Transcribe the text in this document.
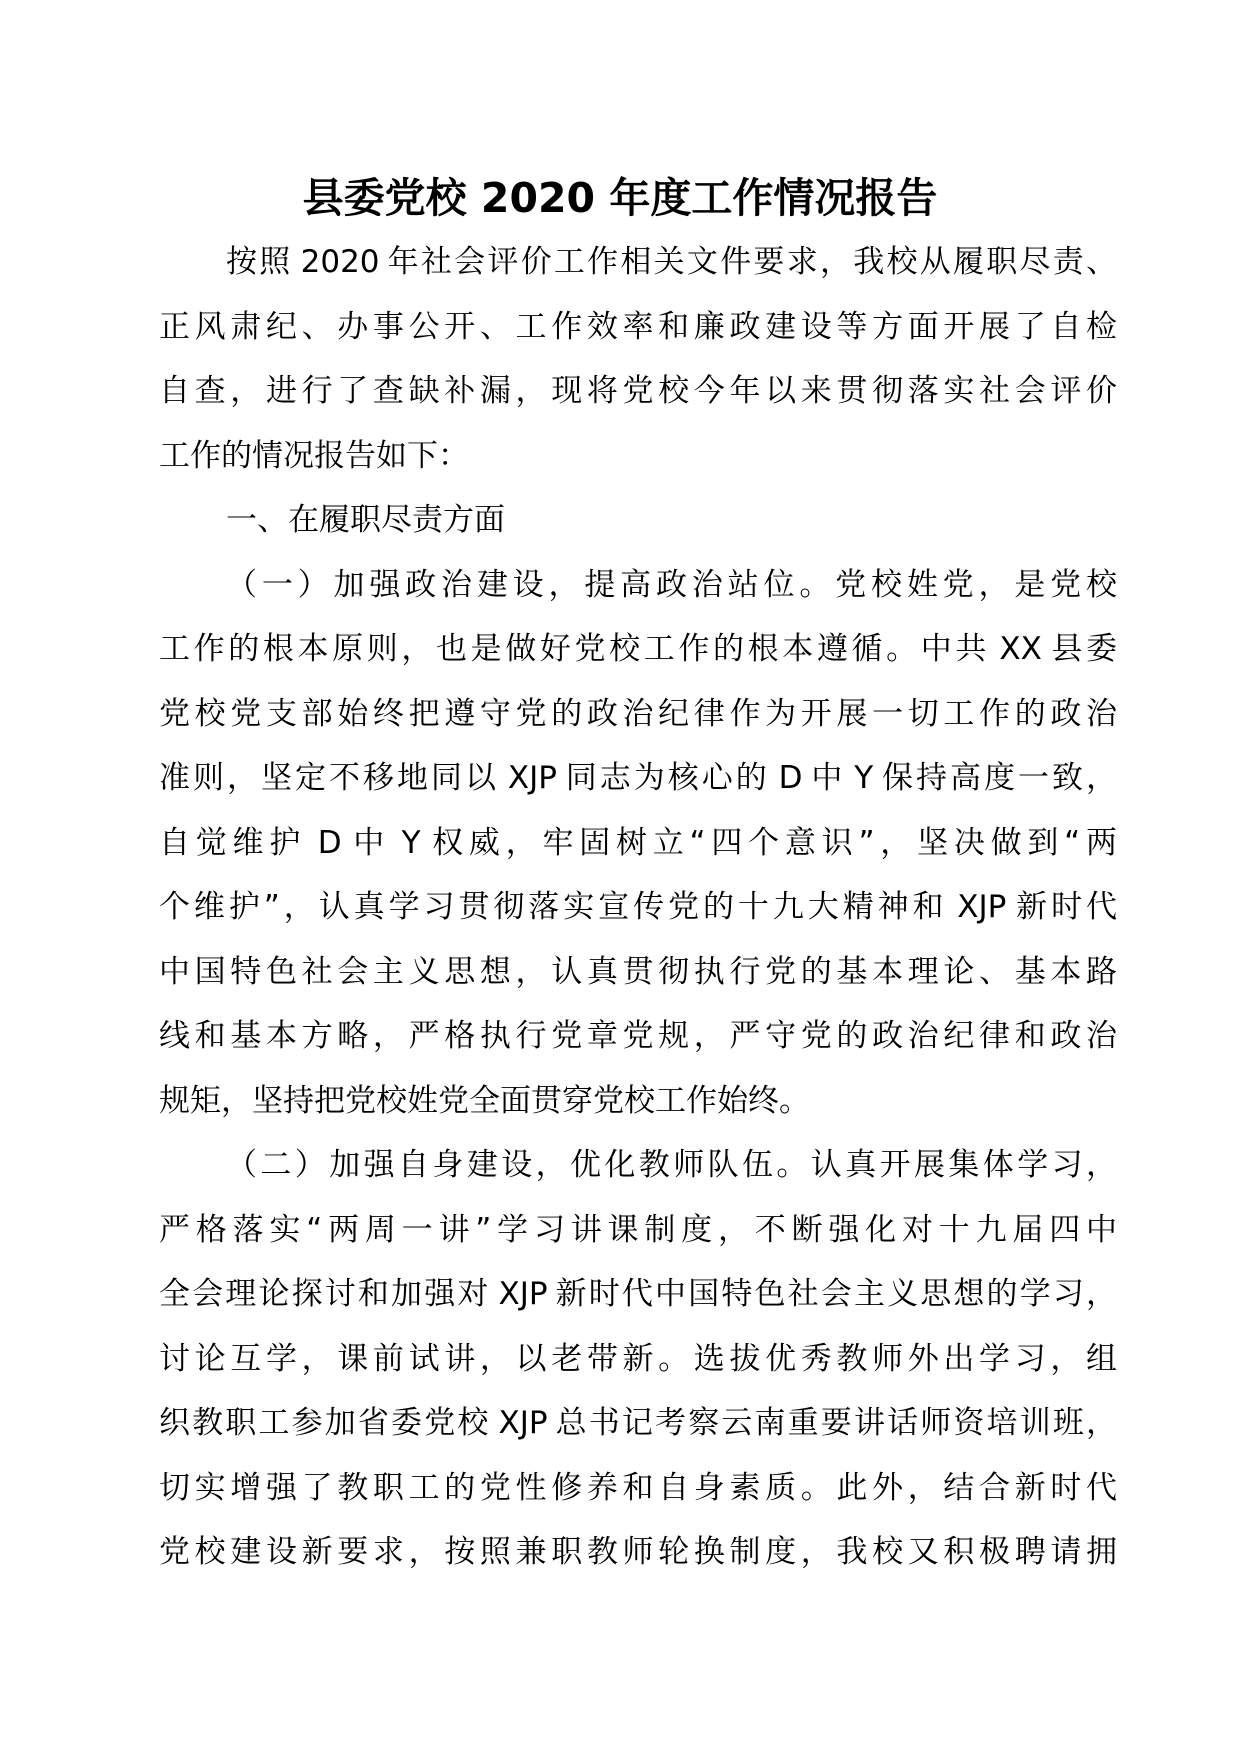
县委党校 2020 年度工作情况报告
按照 2020 年社会评价工作相关文件要求，我校从履职尽责、
正风肃纪、办事公开、工作效率和廉政建设等方面开展了自检
自查，进行了查缺补漏，现将党校今年以来贯彻落实社会评价
工作的情况报告如下：
一、在履职尽责方面
（一）加强政治建设，提高政治站位。党校姓党，是党校
工作的根本原则，也是做好党校工作的根本遵循。中共 XX 县委
党校党支部始终把遵守党的政治纪律作为开展一切工作的政治
准则，坚定不移地同以 XJP 同志为核心的 D 中 Y 保持高度一致，
自觉维护 D 中 Y 权威，牢固树立“四个意识”，坚决做到“两
个维护”，认真学习贯彻落实宣传党的十九大精神和 XJP 新时代
中国特色社会主义思想，认真贯彻执行党的基本理论、基本路
线和基本方略，严格执行党章党规，严守党的政治纪律和政治
规矩，坚持把党校姓党全面贯穿党校工作始终。
（二）加强自身建设，优化教师队伍。认真开展集体学习，
严格落实“两周一讲”学习讲课制度，不断强化对十九届四中
全会理论探讨和加强对 XJP 新时代中国特色社会主义思想的学习，
讨论互学，课前试讲，以老带新。选拔优秀教师外出学习，组
织教职工参加省委党校 XJP 总书记考察云南重要讲话师资培训班，
切实增强了教职工的党性修养和自身素质。此外，结合新时代
党校建设新要求，按照兼职教师轮换制度，我校又积极聘请拥
